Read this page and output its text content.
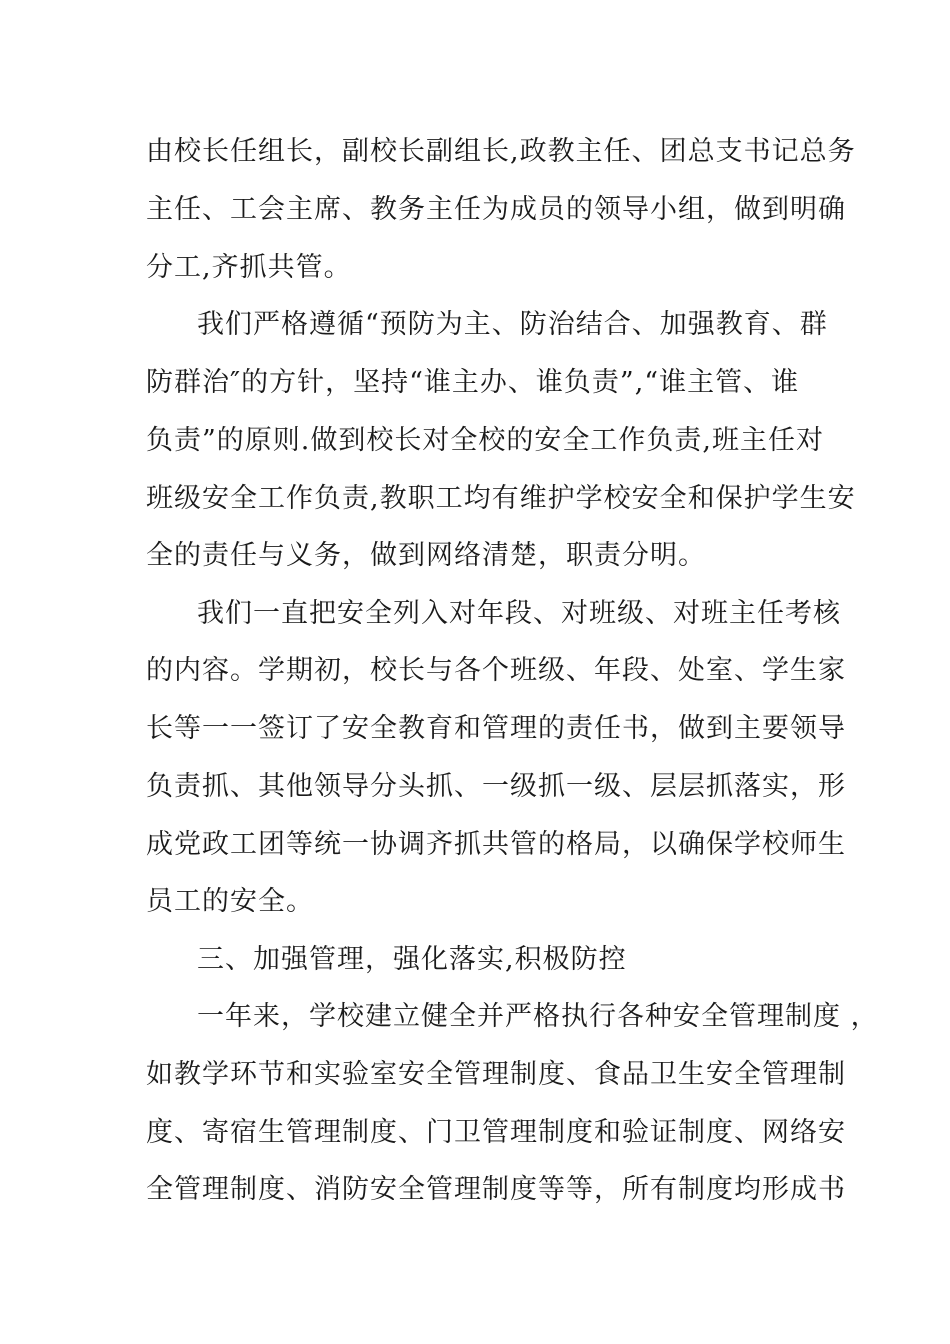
由校长任组长，副校长副组长,政教主任、团总支书记总务
主任、工会主席、教务主任为成员的领导小组，做到明确
分工,齐抓共管。
我们严格遵循“预防为主、防治结合、加强教育、群
防群治″的方针，坚持“谁主办、谁负责”,“谁主管、谁
负责”的原则.做到校长对全校的安全工作负责,班主任对
班级安全工作负责,教职工均有维护学校安全和保护学生安
全的责任与义务，做到网络清楚，职责分明。
我们一直把安全列入对年段、对班级、对班主任考核
的内容。学期初，校长与各个班级、年段、处室、学生家
长等一一签订了安全教育和管理的责任书，做到主要领导
负责抓、其他领导分头抓、一级抓一级、层层抓落实，形
成党政工团等统一协调齐抓共管的格局，以确保学校师生
员工的安全。
三、加强管理，强化落实,积极防控
一年来，学校建立健全并严格执行各种安全管理制度 ，
如教学环节和实验室安全管理制度、食品卫生安全管理制
度、寄宿生管理制度、门卫管理制度和验证制度、网络安
全管理制度、消防安全管理制度等等，所有制度均形成书
